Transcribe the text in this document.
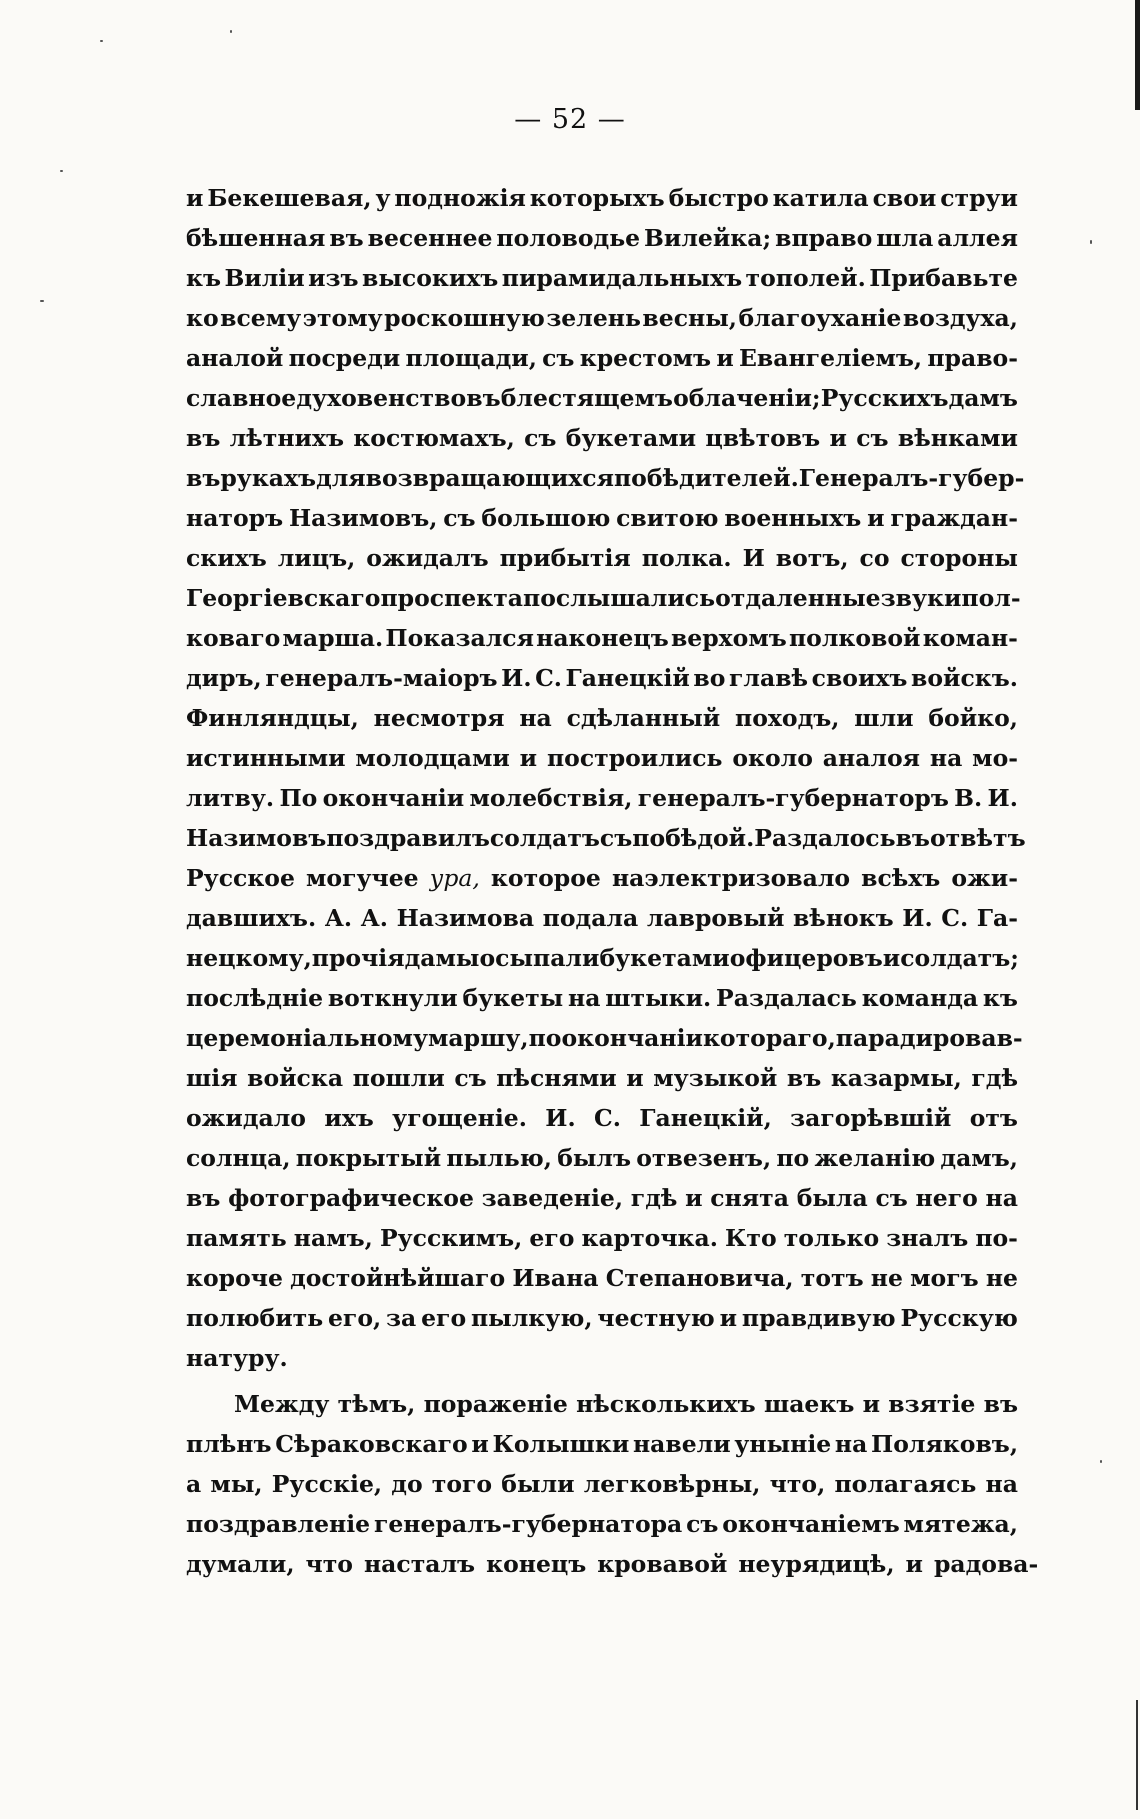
— 52 —
и Бекешевая, у подножія которыхъ быстро катила свои струи
бѣшенная въ весеннее половодье Вилейка; вправо шла аллея
къ Виліи изъ высокихъ пирамидальныхъ тополей. Прибавьте
ко всему этому роскошную зелень весны, благоуханіе воздуха,
аналой посреди площади, съ крестомъ и Евангеліемъ, право-
славное духовенство въ блестящемъ облаченіи; Русскихъ дамъ
въ лѣтнихъ костюмахъ, съ букетами цвѣтовъ и съ вѣнками
въ рукахъ для возвращающихся побѣдителей. Генералъ-губер-
наторъ Назимовъ, съ большою свитою военныхъ и граждан-
скихъ лицъ, ожидалъ прибытія полка. И вотъ, со стороны
Георгіевскаго проспекта послышались отдаленные звуки пол-
коваго марша. Показался наконецъ верхомъ полковой коман-
диръ, генералъ-маіоръ И. С. Ганецкій во главѣ своихъ войскъ.
Финляндцы, несмотря на сдѣланный походъ, шли бойко,
истинными молодцами и построились около аналоя на мо-
литву. По окончаніи молебствія, генералъ-губернаторъ В. И.
Назимовъ поздравилъ солдатъ съ побѣдой. Раздалось въ отвѣтъ
Русское могучее ура, которое наэлектризовало всѣхъ ожи-
давшихъ. А. А. Назимова подала лавровый вѣнокъ И. С. Га-
нецкому, прочія дамы осыпали букетами офицеровъ и солдатъ;
послѣдніе воткнули букеты на штыки. Раздалась команда къ
церемоніальному маршу, по окончаніи котораго, парадировав-
шія войска пошли съ пѣснями и музыкой въ казармы, гдѣ
ожидало ихъ угощеніе. И. С. Ганецкій, загорѣвшій отъ
солнца, покрытый пылью, былъ отвезенъ, по желанію дамъ,
въ фотографическое заведеніе, гдѣ и снята была съ него на
память намъ, Русскимъ, его карточка. Кто только зналъ по-
короче достойнѣйшаго Ивана Степановича, тотъ не могъ не
полюбить его, за его пылкую, честную и правдивую Русскую
натуру.
Между тѣмъ, пораженіе нѣсколькихъ шаекъ и взятіе въ
плѣнъ Сѣраковскаго и Колышки навели уныніе на Поляковъ,
а мы, Русскіе, до того были легковѣрны, что, полагаясь на
поздравленіе генералъ-губернатора съ окончаніемъ мятежа,
думали, что насталъ конецъ кровавой неурядицѣ, и радова-
